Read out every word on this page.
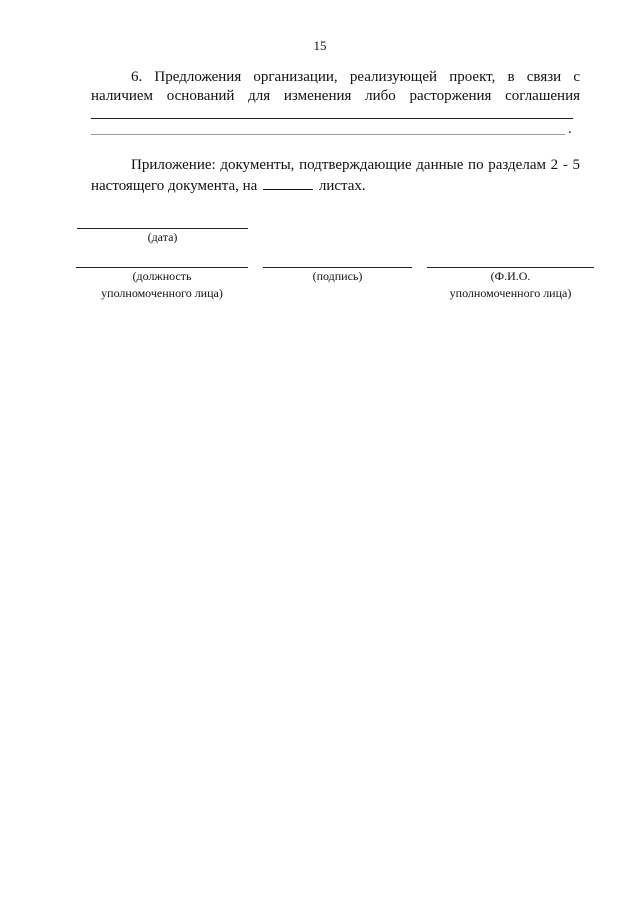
15
6. Предложения организации, реализующей проект, в связи с
наличием оснований для изменения либо расторжения соглашения
.
Приложение: документы, подтверждающие данные по разделам 2 - 5
настоящего документа, на	листах.
(дата)
(должность
уполномоченного лица)
(подпись)	(Ф.И.О.
уполномоченного лица)
